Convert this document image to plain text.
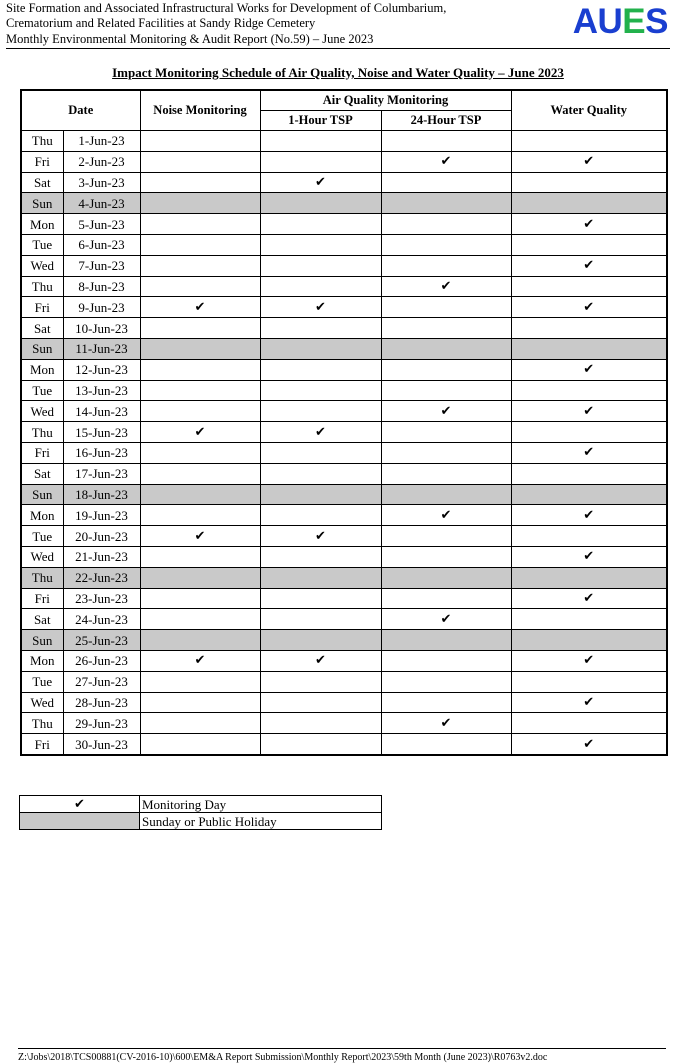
Site Formation and Associated Infrastructural Works for Development of Columbarium,
Crematorium and Related Facilities at Sandy Ridge Cemetery
Monthly Environmental Monitoring & Audit Report (No.59) – June 2023	AUES
Impact Monitoring Schedule of Air Quality, Noise and Water Quality – June 2023
Date		Noise Monitoring	Air Quality Monitoring		Water Quality
			1-Hour TSP	24-Hour TSP	
Thu	1-Jun-23				
Fri	2-Jun-23			✔	✔
Sat	3-Jun-23		✔		
Sun	4-Jun-23				
Mon	5-Jun-23				✔
Tue	6-Jun-23				
Wed	7-Jun-23				✔
Thu	8-Jun-23			✔	
Fri	9-Jun-23	✔	✔		✔
Sat	10-Jun-23				
Sun	11-Jun-23				
Mon	12-Jun-23				✔
Tue	13-Jun-23				
Wed	14-Jun-23			✔	✔
Thu	15-Jun-23	✔	✔		
Fri	16-Jun-23				✔
Sat	17-Jun-23				
Sun	18-Jun-23				
Mon	19-Jun-23			✔	✔
Tue	20-Jun-23	✔	✔		
Wed	21-Jun-23				✔
Thu	22-Jun-23				
Fri	23-Jun-23				✔
Sat	24-Jun-23			✔	
Sun	25-Jun-23				
Mon	26-Jun-23	✔	✔		✔
Tue	27-Jun-23				
Wed	28-Jun-23				✔
Thu	29-Jun-23			✔	
Fri	30-Jun-23				✔
✔	Monitoring Day
	Sunday or Public Holiday
Z:\Jobs\2018\TCS00881(CV-2016-10)\600\EM&A Report Submission\Monthly Report\2023\59th Month (June 2023)\R0763v2.doc
